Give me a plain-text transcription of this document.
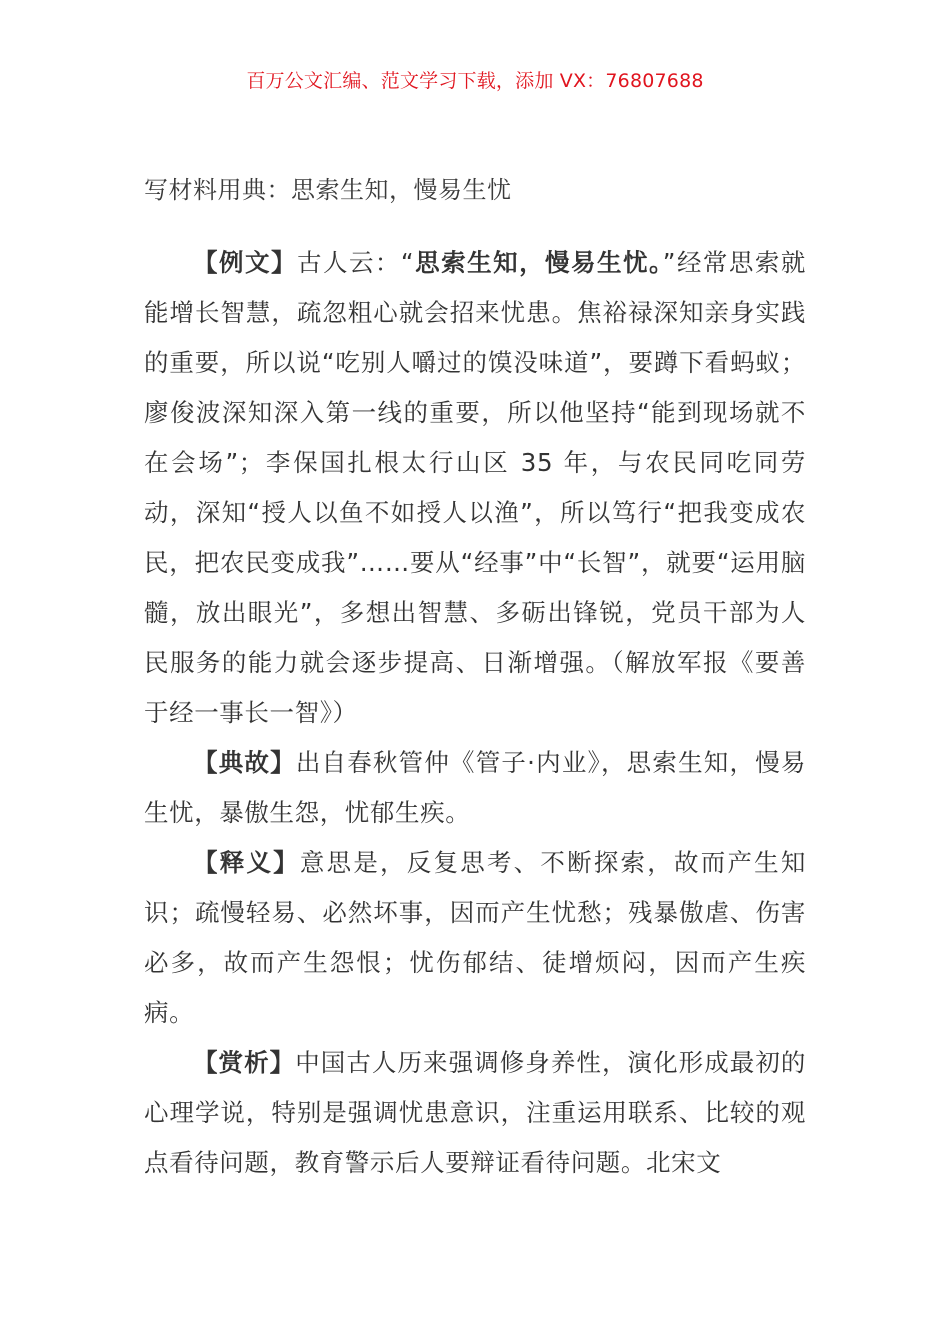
百万公文汇编、范文学习下载，添加 VX：76807688
写材料用典：思索生知，慢易生忧

【例文】古人云：“思索生知，慢易生忧。”经常思索就能增长智慧，疏忽粗心就会招来忧患。焦裕禄深知亲身实践的重要，所以说“吃别人嚼过的馍没味道”，要蹲下看蚂蚁；廖俊波深知深入第一线的重要，所以他坚持“能到现场就不在会场”；李保国扎根太行山区 35 年，与农民同吃同劳动，深知“授人以鱼不如授人以渔”，所以笃行“把我变成农民，把农民变成我”……要从“经事”中“长智”，就要“运用脑髓，放出眼光”，多想出智慧、多砺出锋锐，党员干部为人民服务的能力就会逐步提高、日渐增强。（解放军报《要善于经一事长一智》）

【典故】出自春秋管仲《管子·内业》，思索生知，慢易生忧，暴傲生怨，忧郁生疾。

【释义】意思是，反复思考、不断探索，故而产生知识；疏慢轻易、必然坏事，因而产生忧愁；残暴傲虐、伤害必多，故而产生怨恨；忧伤郁结、徒增烦闷，因而产生疾病。

【赏析】中国古人历来强调修身养性，演化形成最初的心理学说，特别是强调忧患意识，注重运用联系、比较的观点看待问题，教育警示后人要辩证看待问题。北宋文
